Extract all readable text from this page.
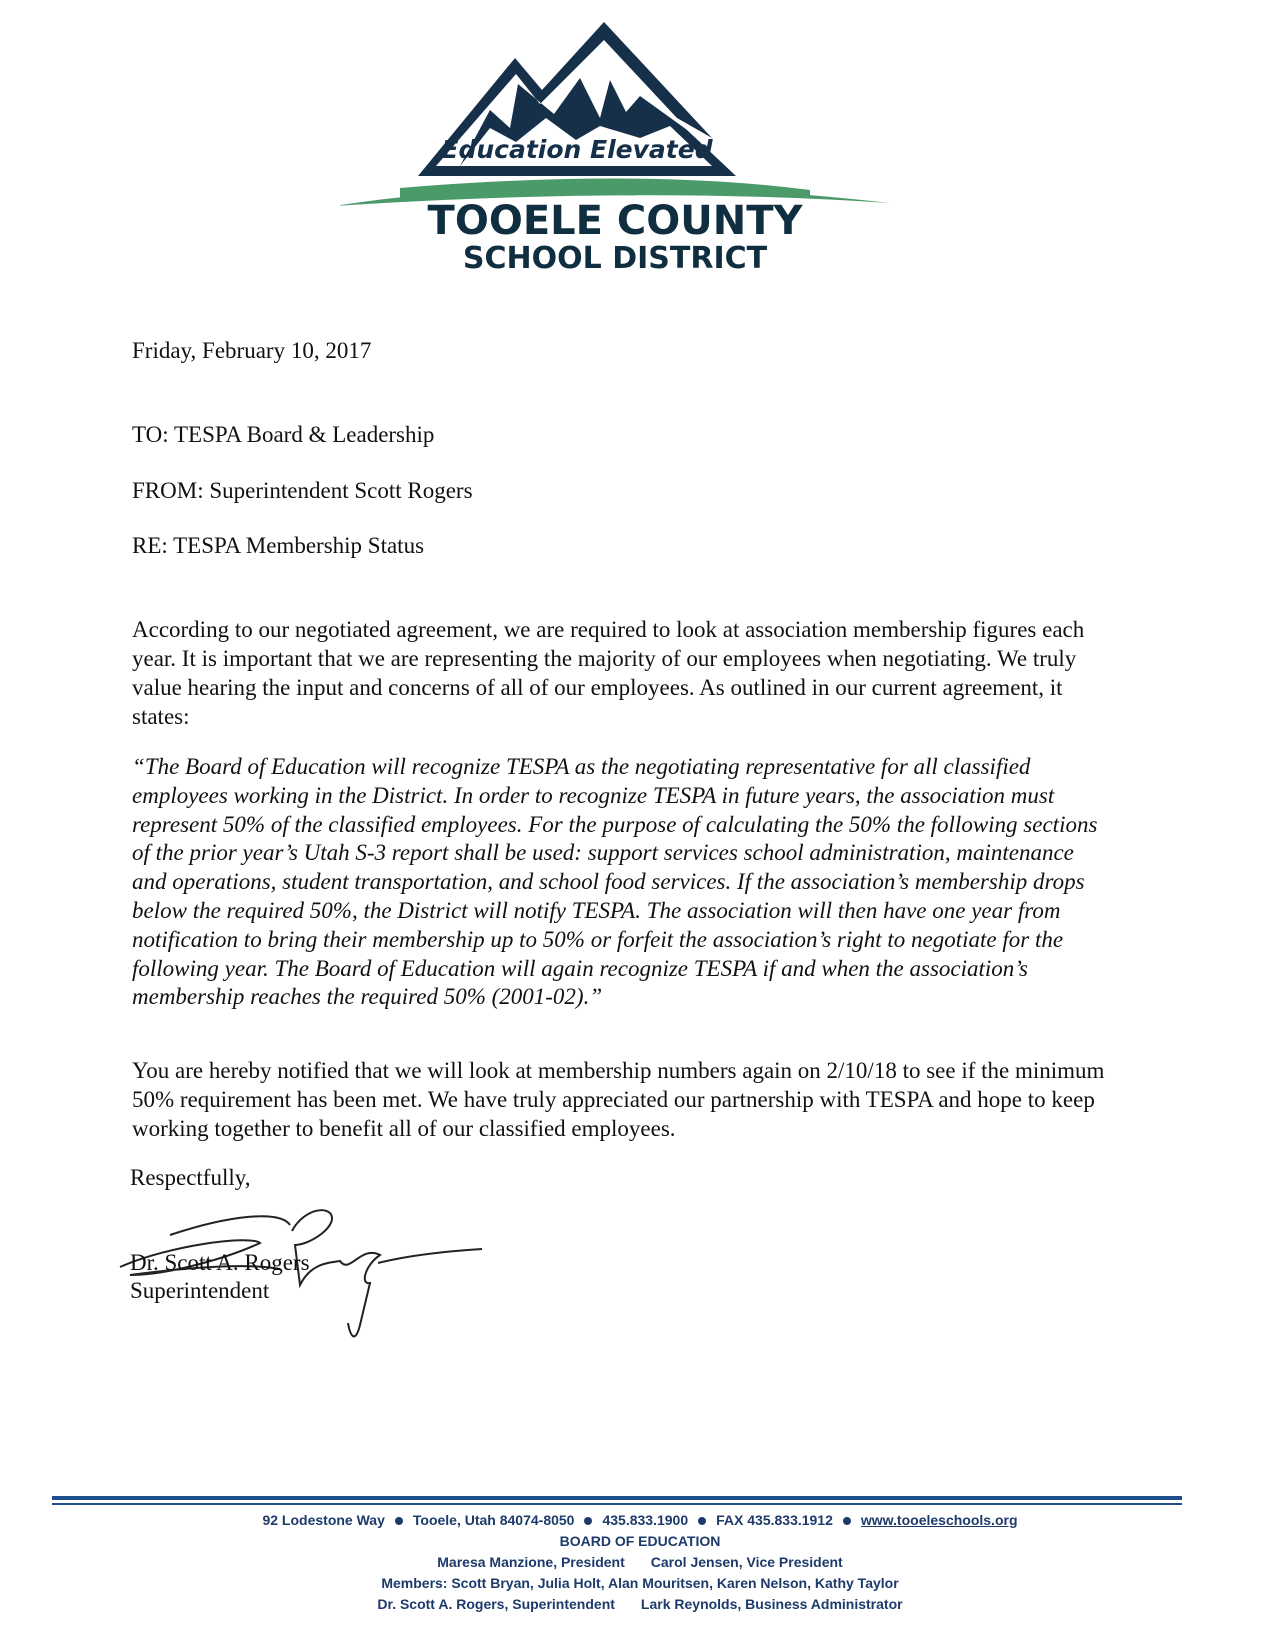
Education Elevated
TOOELE COUNTY
SCHOOL DISTRICT
Friday, February 10, 2017
TO: TESPA Board & Leadership
FROM: Superintendent Scott Rogers
RE: TESPA Membership Status

According to our negotiated agreement, we are required to look at association membership figures each year. It is important that we are representing the majority of our employees when negotiating. We truly value hearing the input and concerns of all of our employees. As outlined in our current agreement, it states:

“The Board of Education will recognize TESPA as the negotiating representative for all classified employees working in the District. In order to recognize TESPA in future years, the association must represent 50% of the classified employees. For the purpose of calculating the 50% the following sections of the prior year’s Utah S-3 report shall be used: support services school administration, maintenance and operations, student transportation, and school food services. If the association’s membership drops below the required 50%, the District will notify TESPA. The association will then have one year from notification to bring their membership up to 50% or forfeit the association’s right to negotiate for the following year. The Board of Education will again recognize TESPA if and when the association’s membership reaches the required 50% (2001-02).”

You are hereby notified that we will look at membership numbers again on 2/10/18 to see if the minimum 50% requirement has been met. We have truly appreciated our partnership with TESPA and hope to keep working together to benefit all of our classified employees.

Respectfully,
Dr. Scott A. Rogers
Superintendent
92 Lodestone Way Tooele, Utah 84074-8050 435.833.1900 FAX 435.833.1912 www.tooeleschools.org
BOARD OF EDUCATION
Maresa Manzione, President Carol Jensen, Vice President
Members: Scott Bryan, Julia Holt, Alan Mouritsen, Karen Nelson, Kathy Taylor
Dr. Scott A. Rogers, Superintendent Lark Reynolds, Business Administrator
